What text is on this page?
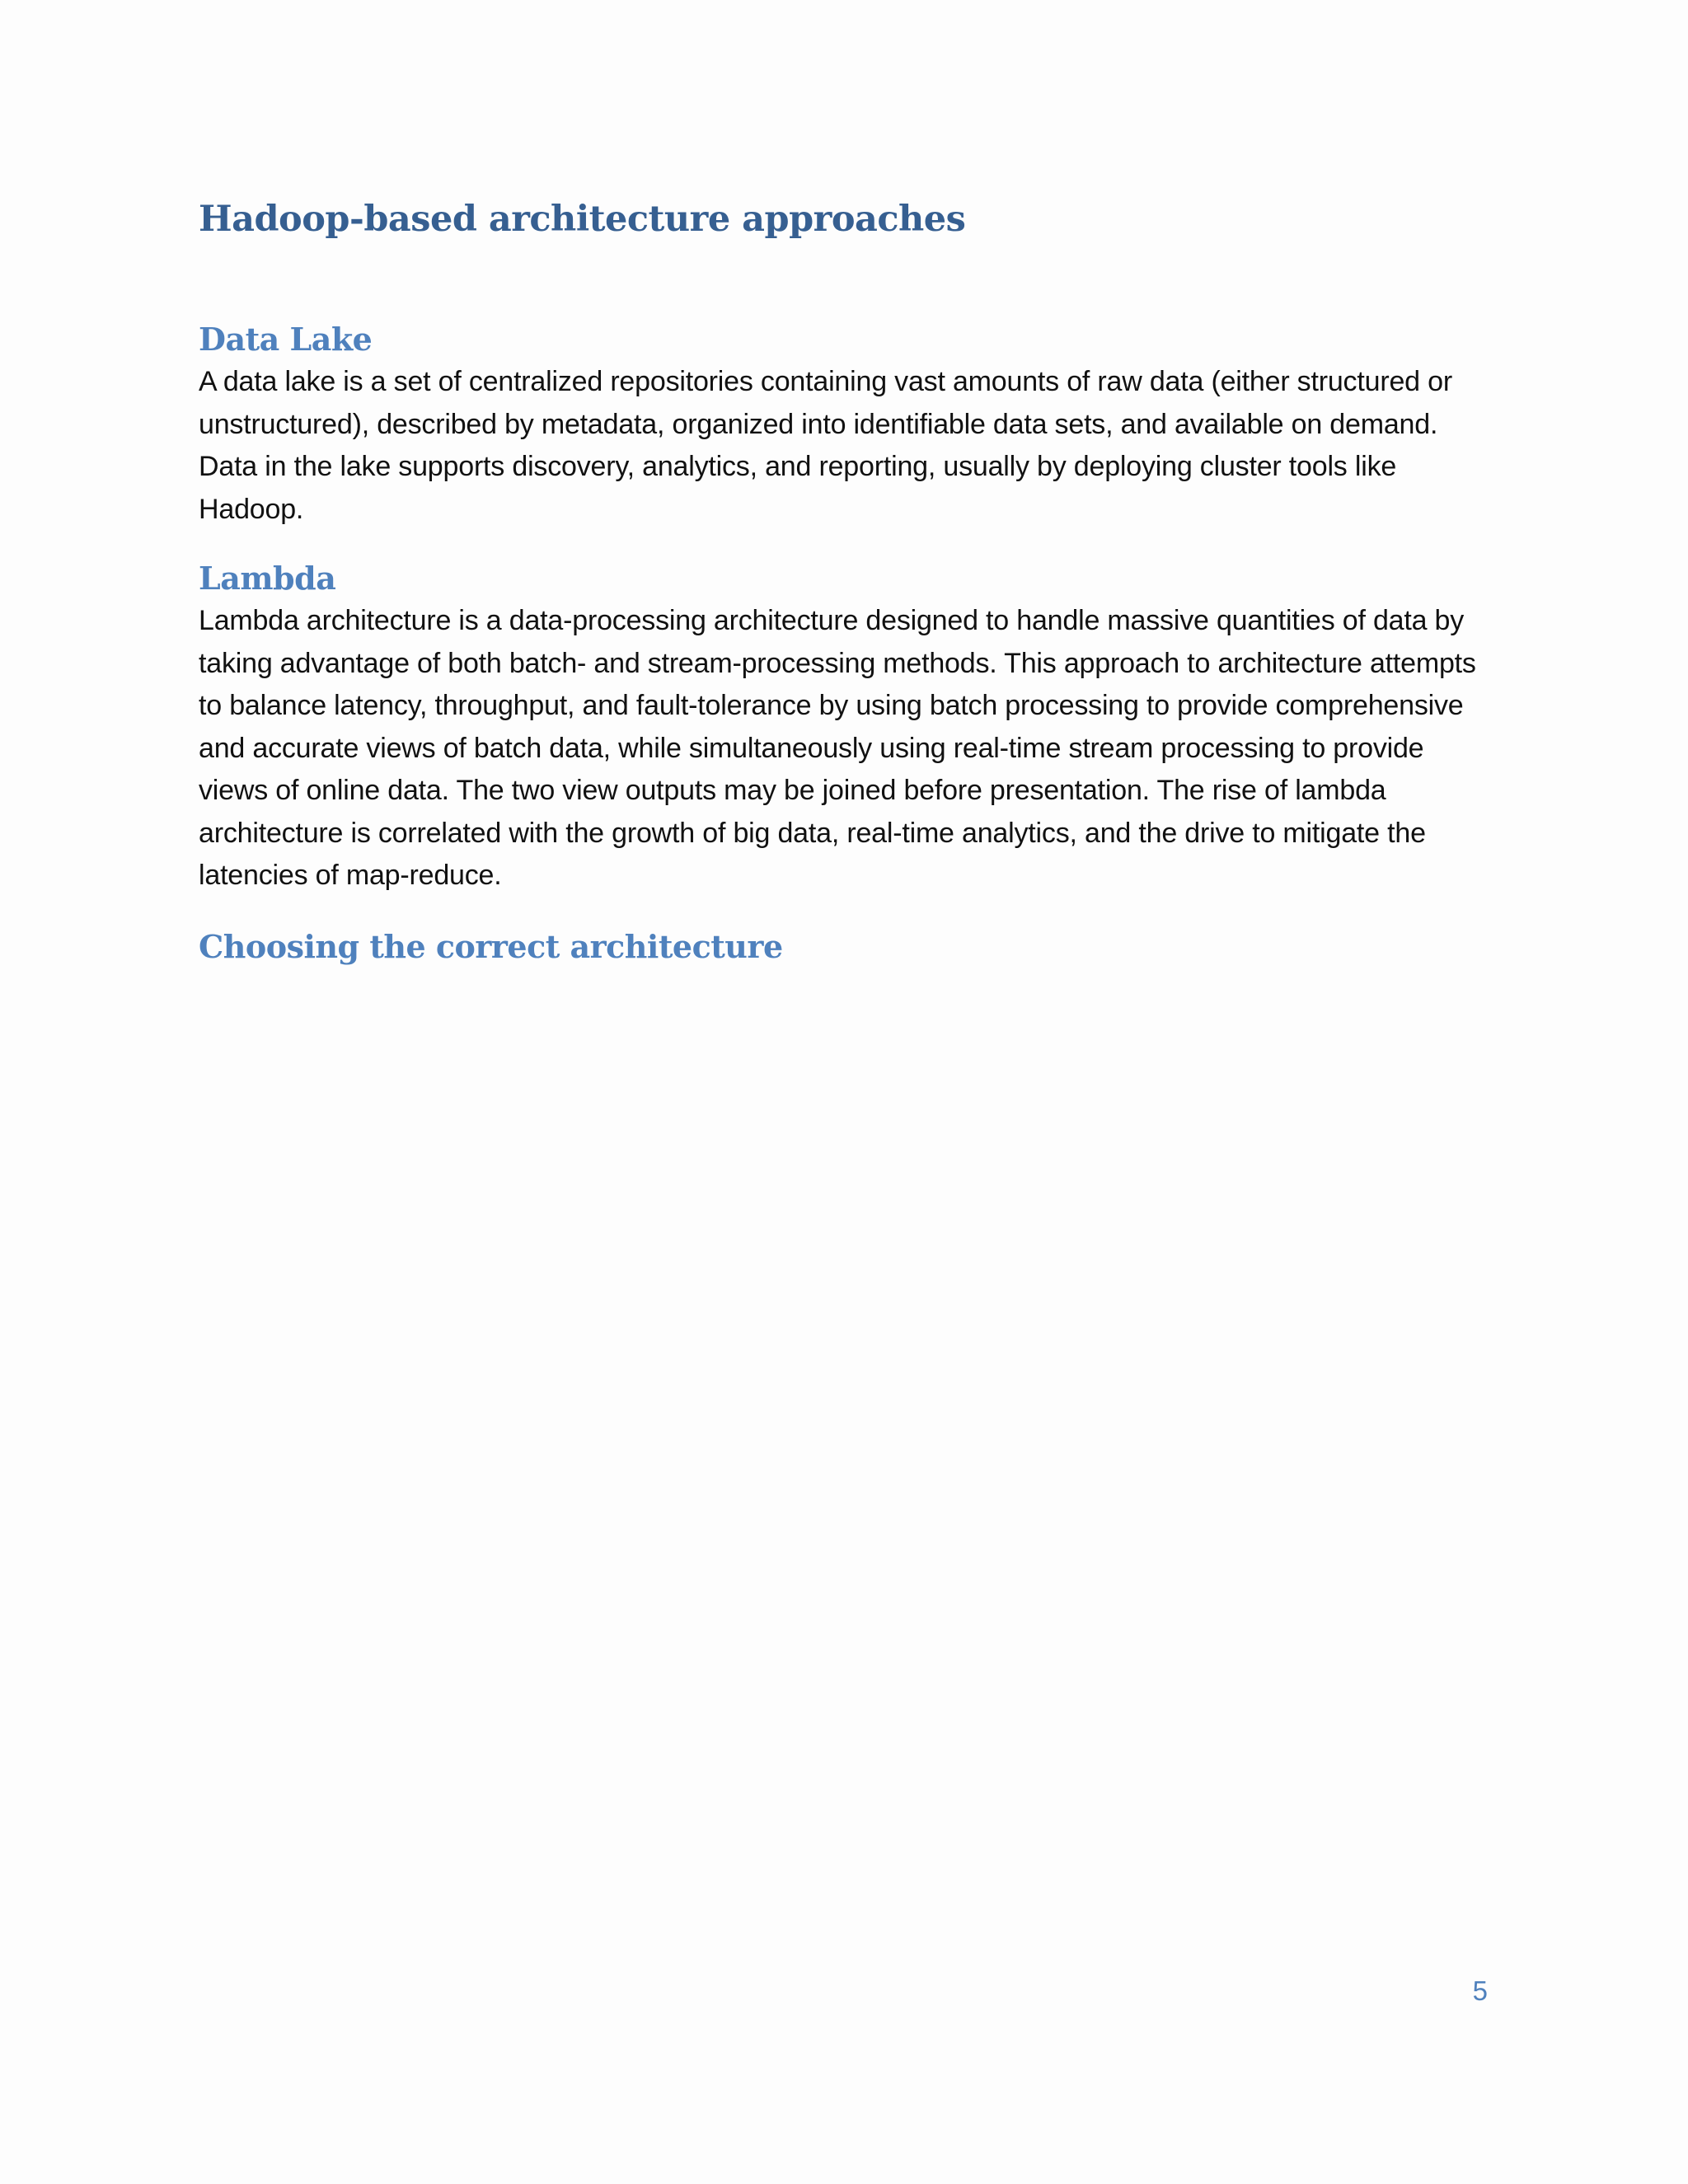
Hadoop-based architecture approaches
Data Lake

A data lake is a set of centralized repositories containing vast amounts of raw data (either structured or unstructured), described by metadata, organized into identifiable data sets, and available on demand. Data in the lake supports discovery, analytics, and reporting, usually by deploying cluster tools like Hadoop.

Lambda

Lambda architecture is a data-processing architecture designed to handle massive quantities of data by taking advantage of both batch- and stream-processing methods. This approach to architecture attempts to balance latency, throughput, and fault-tolerance by using batch processing to provide comprehensive and accurate views of batch data, while simultaneously using real-time stream processing to provide views of online data. The two view outputs may be joined before presentation. The rise of lambda architecture is correlated with the growth of big data, real-time analytics, and the drive to mitigate the latencies of map-reduce.

Choosing the correct architecture
5
